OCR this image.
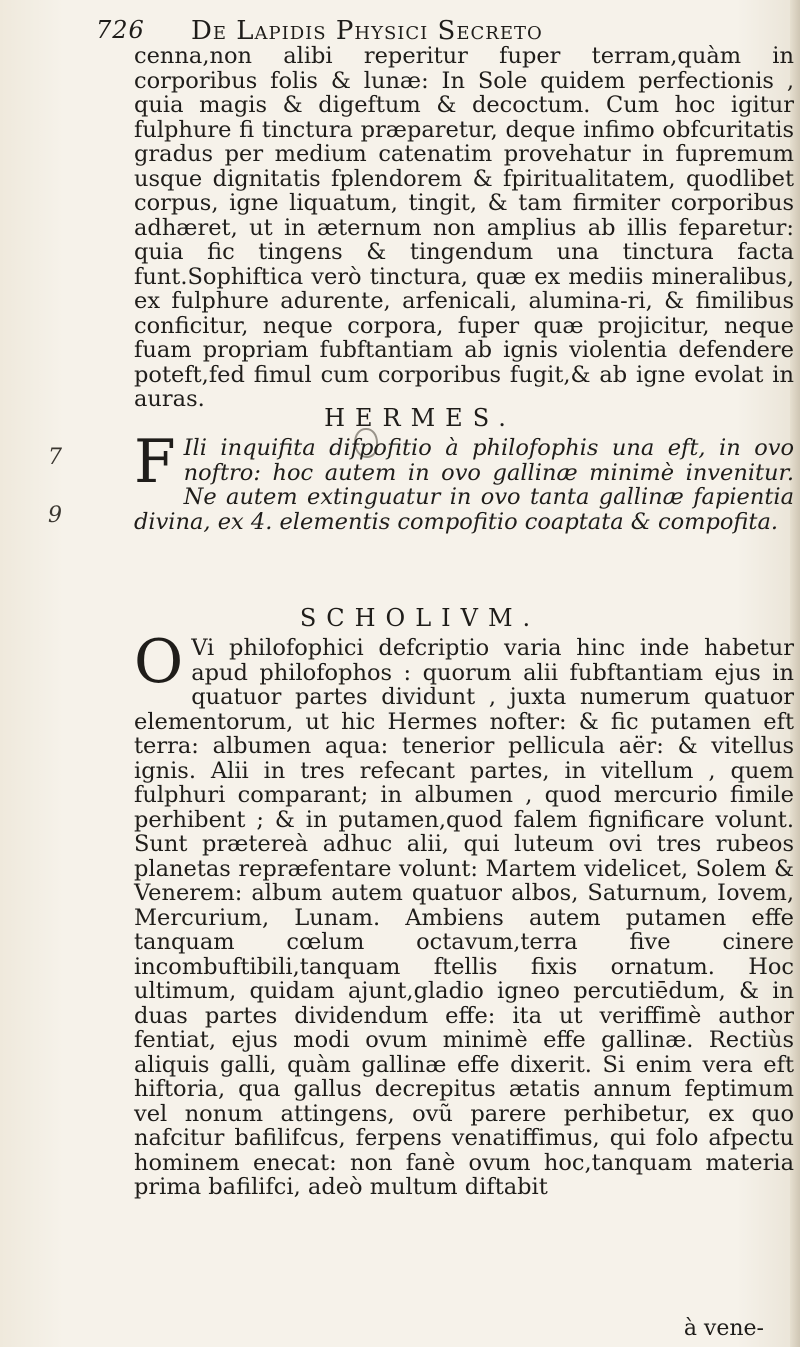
726 De Lapidis Physici Secreto

cenna,non alibi reperitur fuper terram,quàm in corporibus folis & lunæ: In Sole quidem perfectionis , quia magis & digeftum & decoctum. Cum hoc igitur fulphure fi tinctura præparetur, deque infimo obfcuritatis gradus per medium catenatim provehatur in fupremum usque dignitatis fplendorem & fpiritualitatem, quodlibet corpus, igne liquatum, tingit, & tam firmiter corporibus adhæret, ut in æternum non amplius ab illis feparetur: quia fic tingens & tingendum una tinctura facta funt.Sophiftica verò tinctura, quæ ex mediis mineralibus, ex fulphure adurente, arfenicali, alumina-ri, & fimilibus conficitur, neque corpora, fuper quæ projicitur, neque fuam propriam fubftantiam ab ignis violentia defendere poteft,fed fimul cum corporibus fugit,& ab igne evolat in auras.

HERMES.
7
9

F Ili inquifita difpofitio à philofophis una eft, in ovo noftro: hoc autem in ovo gallinæ minimè invenitur. Ne autem extinguatur in ovo tanta gallinæ fapientia divina, ex 4. elementis compofitio coaptata & compofita.

SCHOLIVM.

O Vi philofophici defcriptio varia hinc inde habetur apud philofophos : quorum alii fubftantiam ejus in quatuor partes dividunt , juxta numerum quatuor elementorum, ut hic Hermes nofter: & fic putamen eft terra: albumen aqua: tenerior pellicula aër: & vitellus ignis. Alii in tres refecant partes, in vitellum , quem fulphuri comparant; in albumen , quod mercurio fimile perhibent ; & in putamen,quod falem fignificare volunt. Sunt prætereà adhuc alii, qui luteum ovi tres rubeos planetas repræfentare volunt: Martem videlicet, Solem & Venerem: album autem quatuor albos, Saturnum, Iovem, Mercurium, Lunam. Ambiens autem putamen effe tanquam cœlum octavum,terra five cinere incombuftibili,tanquam ftellis fixis ornatum. Hoc ultimum, quidam ajunt,gladio igneo percutiēdum, & in duas partes dividendum effe: ita ut veriffimè author fentiat, ejus modi ovum minimè effe gallinæ. Rectiùs aliquis galli, quàm gallinæ effe dixerit. Si enim vera eft hiftoria, qua gallus decrepitus ætatis annum feptimum vel nonum attingens, ovũ parere perhibetur, ex quo nafcitur bafilifcus, ferpens venatiffimus, qui folo afpectu hominem enecat: non fanè ovum hoc,tanquam materia prima bafilifci, adeò multum diftabit

à vene-
